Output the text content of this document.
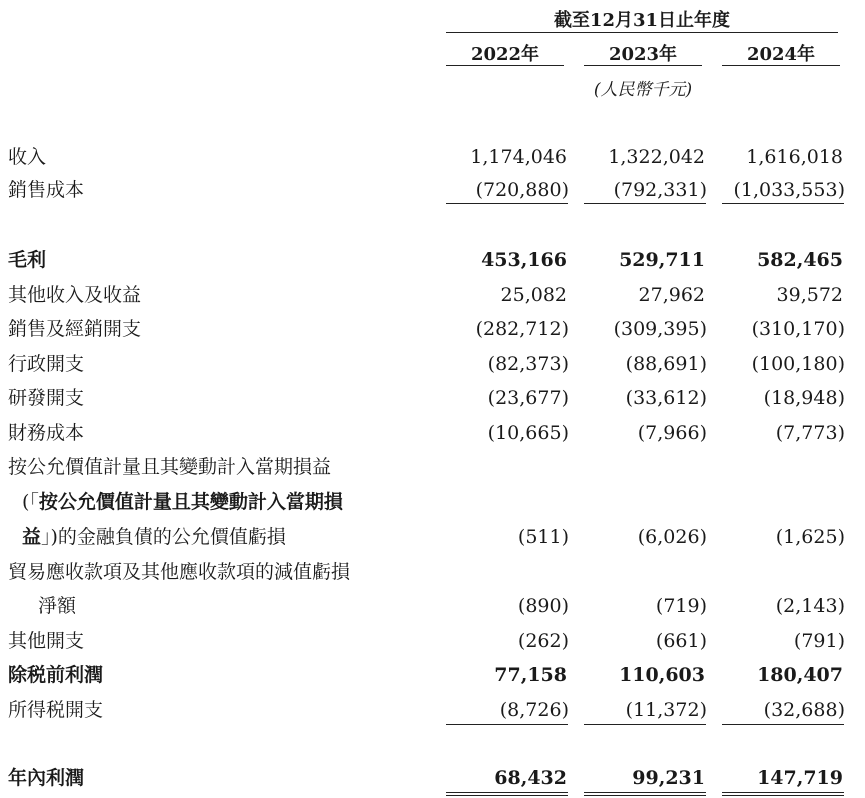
截至12月31日止年度
2022年	2023年	2024年
(人民幣千元)
收入	1,174,046 1,322,042 1,616,018
銷售成本	( 720,880 )	( 792,331 )	( 1,033,553 )
毛利	453,166	529,711	582,465
其他收入及收益	25,082	27,962	39,572
銷售及經銷開支	( 282,712 )	( 309,395 )	( 310,170 )
行政開支	( 82,373 )	( 88,691 )	( 100,180 )
研發開支	( 23,677 )	( 33,612 )	( 18,948 )
財務成本	( 10,665 )	( 7,966 )	( 7,773 )
按公允價值計量且其變動計入當期損益
(「按公允價值計量且其變動計入當期損
益」)的金融負債的公允價值虧損	( 511 )	( 6,026 )	( 1,625 )
貿易應收款項及其他應收款項的減值虧損
淨額	( 890 )	( 719 )	( 2,143 )
其他開支	( 262 )	( 661 )	( 791 )
除税前利潤	77,158	110,603	180,407
所得税開支	( 8,726 )	( 11,372 )	( 32,688 )
年內利潤	68,432	99,231	147,719
